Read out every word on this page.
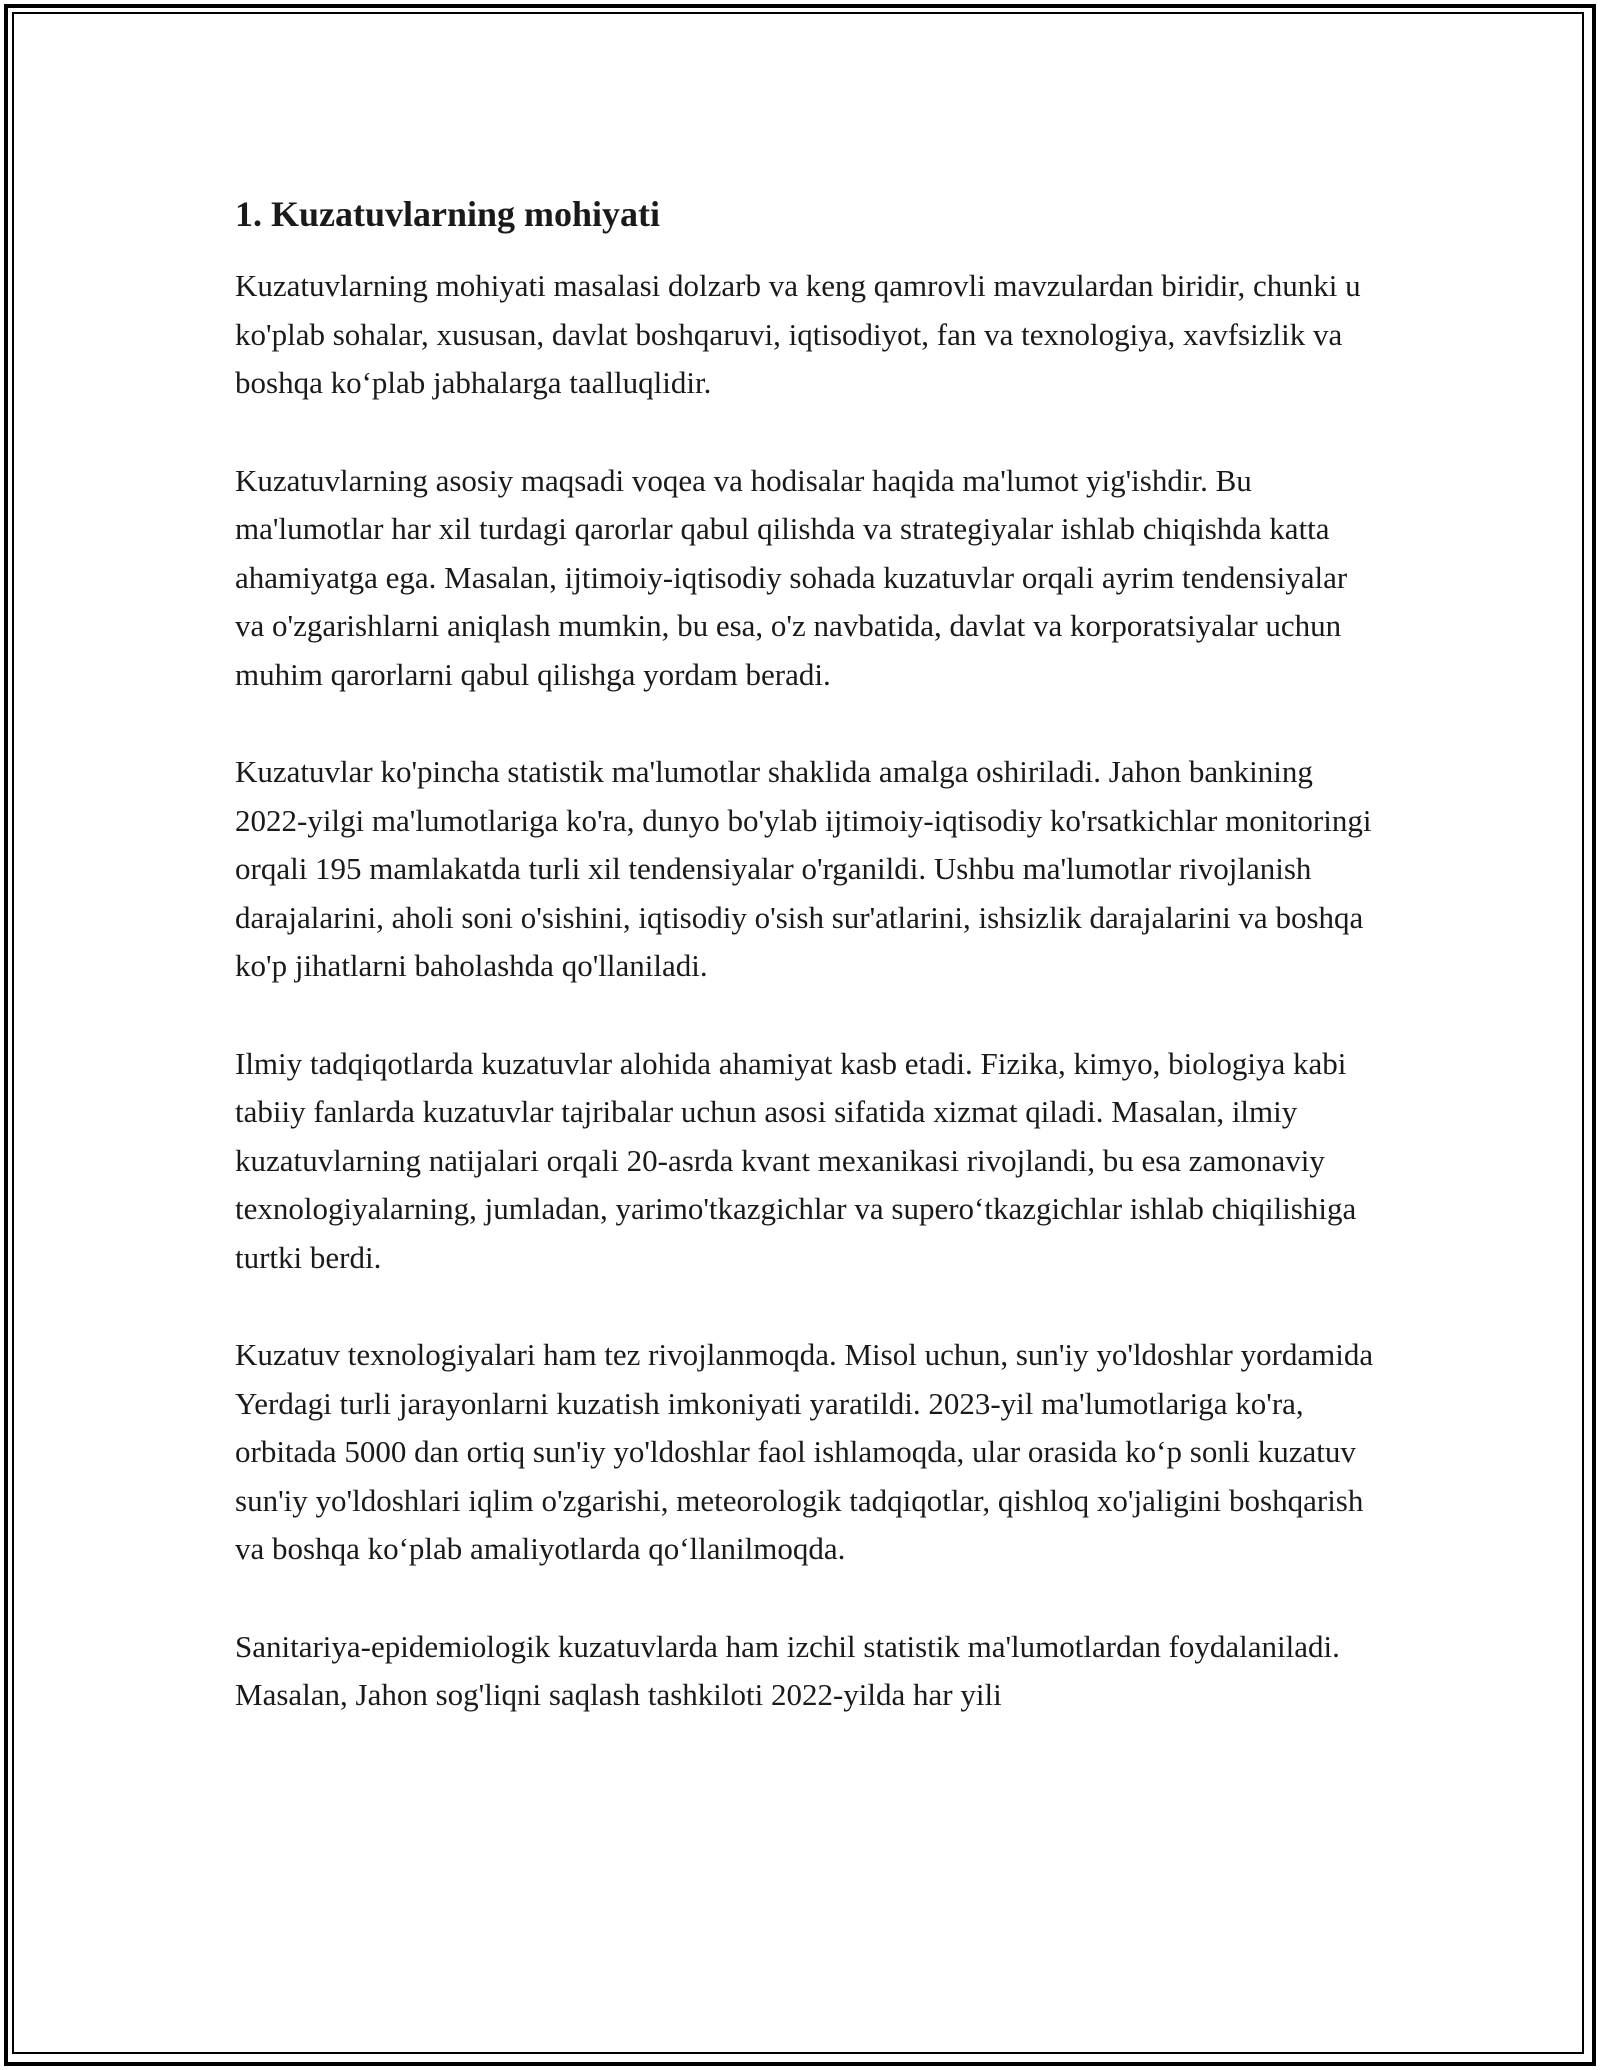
1. Kuzatuvlarning mohiyati

Kuzatuvlarning mohiyati masalasi dolzarb va keng qamrovli mavzulardan biridir, chunki u ko'plab sohalar, xususan, davlat boshqaruvi, iqtisodiyot, fan va texnologiya, xavfsizlik va boshqa ko‘plab jabhalarga taalluqlidir.

Kuzatuvlarning asosiy maqsadi voqea va hodisalar haqida ma'lumot yig'ishdir. Bu ma'lumotlar har xil turdagi qarorlar qabul qilishda va strategiyalar ishlab chiqishda katta ahamiyatga ega. Masalan, ijtimoiy-iqtisodiy sohada kuzatuvlar orqali ayrim tendensiyalar va o'zgarishlarni aniqlash mumkin, bu esa, o'z navbatida, davlat va korporatsiyalar uchun muhim qarorlarni qabul qilishga yordam beradi.

Kuzatuvlar ko'pincha statistik ma'lumotlar shaklida amalga oshiriladi. Jahon bankining 2022-yilgi ma'lumotlariga ko'ra, dunyo bo'ylab ijtimoiy-iqtisodiy ko'rsatkichlar monitoringi orqali 195 mamlakatda turli xil tendensiyalar o'rganildi. Ushbu ma'lumotlar rivojlanish darajalarini, aholi soni o'sishini, iqtisodiy o'sish sur'atlarini, ishsizlik darajalarini va boshqa ko'p jihatlarni baholashda qo'llaniladi.

Ilmiy tadqiqotlarda kuzatuvlar alohida ahamiyat kasb etadi. Fizika, kimyo, biologiya kabi tabiiy fanlarda kuzatuvlar tajribalar uchun asosi sifatida xizmat qiladi. Masalan, ilmiy kuzatuvlarning natijalari orqali 20-asrda kvant mexanikasi rivojlandi, bu esa zamonaviy texnologiyalarning, jumladan, yarimo'tkazgichlar va supero‘tkazgichlar ishlab chiqilishiga turtki berdi.

Kuzatuv texnologiyalari ham tez rivojlanmoqda. Misol uchun, sun'iy yo'ldoshlar yordamida Yerdagi turli jarayonlarni kuzatish imkoniyati yaratildi. 2023-yil ma'lumotlariga ko'ra, orbitada 5000 dan ortiq sun'iy yo'ldoshlar faol ishlamoqda, ular orasida ko‘p sonli kuzatuv sun'iy yo'ldoshlari iqlim o'zgarishi, meteorologik tadqiqotlar, qishloq xo'jaligini boshqarish va boshqa ko‘plab amaliyotlarda qo‘llanilmoqda.

Sanitariya-epidemiologik kuzatuvlarda ham izchil statistik ma'lumotlardan foydalaniladi. Masalan, Jahon sog'liqni saqlash tashkiloti 2022-yilda har yili
